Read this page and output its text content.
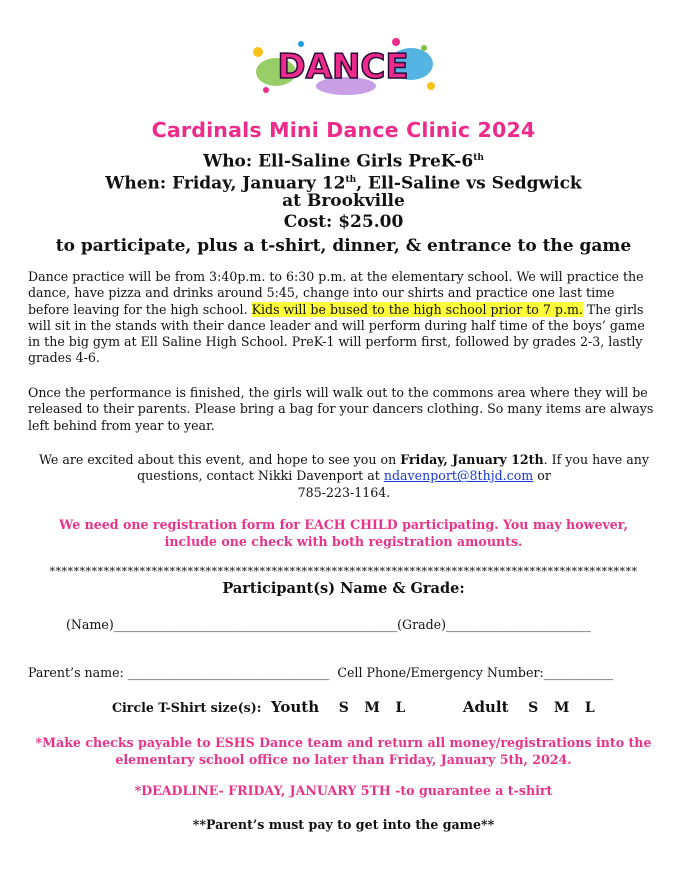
DANCE
Cardinals Mini Dance Clinic 2024
Who: Ell-Saline Girls PreK-6th
When: Friday, January 12th, Ell-Saline vs Sedgwick
at Brookville
Cost: $25.00
to participate, plus a t-shirt, dinner, & entrance to the game
Dance practice will be from 3:40p.m. to 6:30 p.m. at the elementary school. We will practice the dance, have pizza and drinks around 5:45, change into our shirts and practice one last time before leaving for the high school. Kids will be bused to the high school prior to 7 p.m. The girls will sit in the stands with their dance leader and will perform during half time of the boys’ game in the big gym at Ell Saline High School. PreK-1 will perform first, followed by grades 2-3, lastly grades 4-6.
Once the performance is finished, the girls will walk out to the commons area where they will be released to their parents. Please bring a bag for your dancers clothing. So many items are always left behind from year to year.
We are excited about this event, and hope to see you on Friday, January 12th. If you have any questions, contact Nikki Davenport at ndavenport@8thjd.com or
785-223-1164.
We need one registration form for EACH CHILD participating. You may however,
include one check with both registration amounts.
**************************************************************************************************
Participant(s) Name & Grade:
(Name)_____________________________________________(Grade)_______________________
Parent’s name: ________________________________ Cell Phone/Emergency Number:___________
Circle T-Shirt size(s): Youth S M L	Adult S M L
*Make checks payable to ESHS Dance team and return all money/registrations into the
elementary school office no later than Friday, January 5th, 2024.
*DEADLINE- FRIDAY, JANUARY 5TH -to guarantee a t-shirt
**Parent’s must pay to get into the game**
